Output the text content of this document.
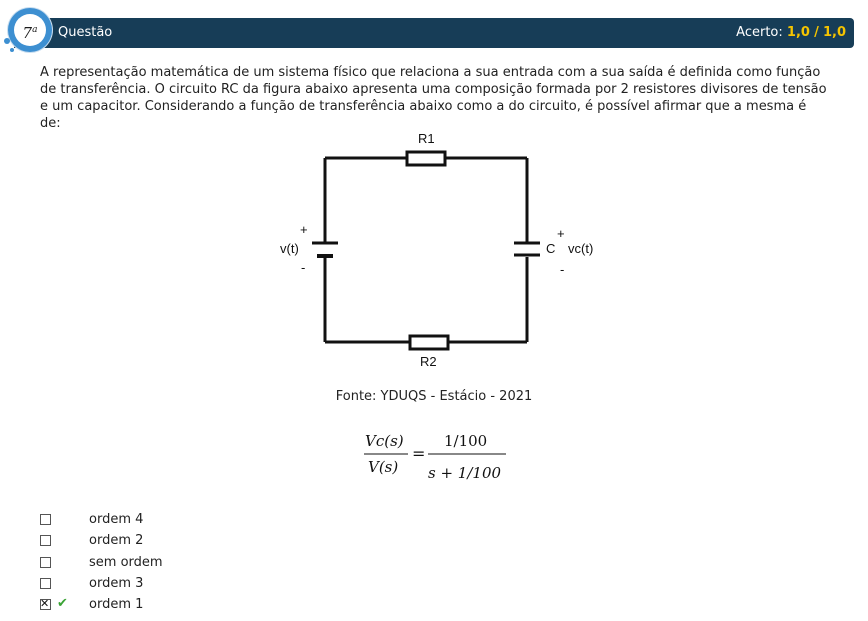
7$^a$	Questão	Acerto: 1,0 / 1,0
A representação matemática de um sistema físico que relaciona a sua entrada com a sua saída é definida como função de transferência. O circuito RC da figura abaixo apresenta uma composição formada por 2 resistores divisores de tensão e um capacitor. Considerando a função de transferência abaixo como a do circuito, é possível afirmar que a mesma é de:
R1
R2
+
v(t)
-
+
C vc(t)
-
Fonte: YDUQS - Estácio - 2021
Vc(s)
V(s)
=
1/100
s + 1/100
ordem 4
ordem 2
sem ordem
ordem 3
✕
✔ ordem 1
